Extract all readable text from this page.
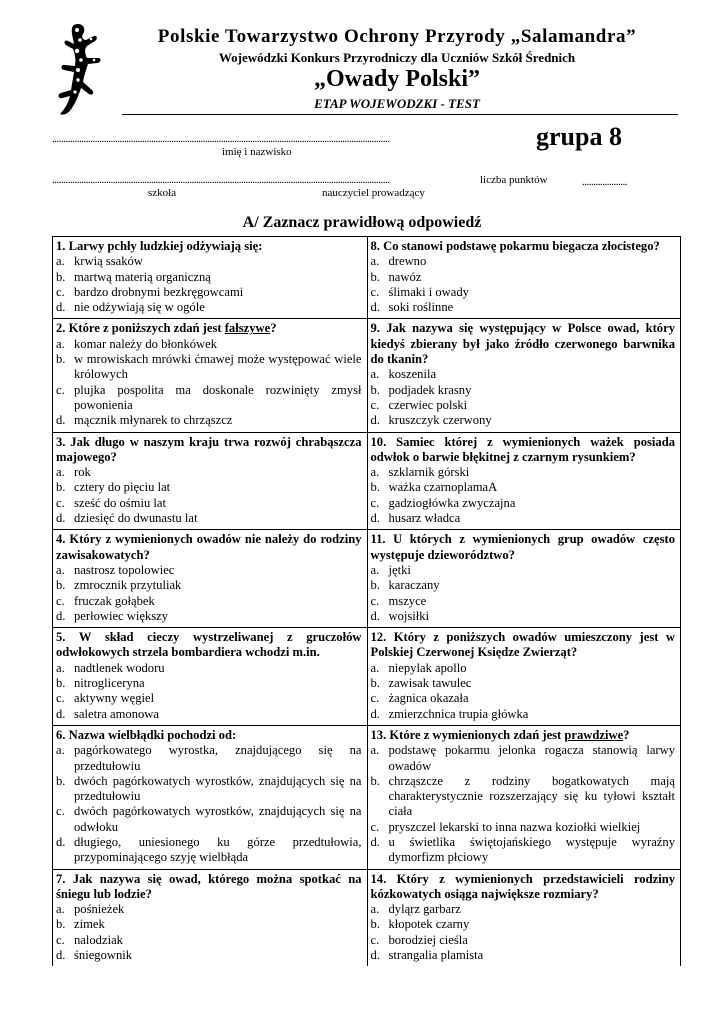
Polskie Towarzystwo Ochrony Przyrody „Salamandra”
Wojewódzki Konkurs Przyrodniczy dla Uczniów Szkół Średnich
„Owady Polski”
ETAP WOJEWODZKI - TEST
......................................................................................................................................................
imię i nazwisko
grupa 8
......................................................................................................................................................	liczba punktów	....................
szkoła	nauczyciel prowadzący
A/ Zaznacz prawidłową odpowiedź
1. Larwy pchły ludzkiej odżywiają się:
a. krwią ssaków
b. martwą materią organiczną
c. bardzo drobnymi bezkręgowcami
d. nie odżywiają się w ogóle
8. Co stanowi podstawę pokarmu biegacza złocistego?
a. drewno
b. nawóz
c. ślimaki i owady
d. soki roślinne
2. Które z poniższych zdań jest fałszywe?
a. komar należy do błonkówek
b. w mrowiskach mrówki ćmawej może występować wiele królowych
c. plujka pospolita ma doskonale rozwinięty zmysł powonienia
d. mącznik młynarek to chrząszcz
9. Jak nazywa się występujący w Polsce owad, który kiedyś zbierany był jako źródło czerwonego barwnika do tkanin?
a. koszenila
b. podjadek krasny
c. czerwiec polski
d. kruszczyk czerwony
3. Jak długo w naszym kraju trwa rozwój chrabąszcza majowego?
a. rok
b. cztery do pięciu lat
c. sześć do ośmiu lat
d. dziesięć do dwunastu lat
10. Samiec której z wymienionych ważek posiada odwłok o barwie błękitnej z czarnym rysunkiem?
a. szklarnik górski
b. ważka czarnoplamaA
c. gadziogłówka zwyczajna
d. husarz władca
4. Który z wymienionych owadów nie należy do rodziny zawisakowatych?
a. nastrosz topolowiec
b. zmrocznik przytuliak
c. fruczak gołąbek
d. perłowiec większy
11. U których z wymienionych grup owadów często występuje dzieworództwo?
a. jętki
b. karaczany
c. mszyce
d. wojsiłki
5. W skład cieczy wystrzeliwanej z gruczołów odwłokowych strzela bombardiera wchodzi m.in.
a. nadtlenek wodoru
b. nitrogliceryna
c. aktywny węgiel
d. saletra amonowa
12. Który z poniższych owadów umieszczony jest w Polskiej Czerwonej Księdze Zwierząt?
a. niepylak apollo
b. zawisak tawulec
c. żagnica okazała
d. zmierzchnica trupia główka
6. Nazwa wielbłądki pochodzi od:
a. pagórkowatego wyrostka, znajdującego się na przedtułowiu
b. dwóch pagórkowatych wyrostków, znajdujących się na przedtułowiu
c. dwóch pagórkowatych wyrostków, znajdujących się na odwłoku
d. długiego, uniesionego ku górze przedtułowia, przypominającego szyję wielbłąda
13. Które z wymienionych zdań jest prawdziwe?
a. podstawę pokarmu jelonka rogacza stanowią larwy owadów
b. chrząszcze z rodziny bogatkowatych mają charakterystycznie rozszerzający się ku tyłowi kształt ciała
c. pryszczel lekarski to inna nazwa koziołki wielkiej
d. u świetlika świętojańskiego występuje wyraźny dymorfizm płciowy
7. Jak nazywa się owad, którego można spotkać na śniegu lub lodzie?
a. pośnieżek
b. zimek
c. nalodziak
d. śniegownik
14. Który z wymienionych przedstawicieli rodziny kózkowatych osiąga największe rozmiary?
a. dyląrz garbarz
b. kłopotek czarny
c. borodziej cieśla
d. strangalia plamista
